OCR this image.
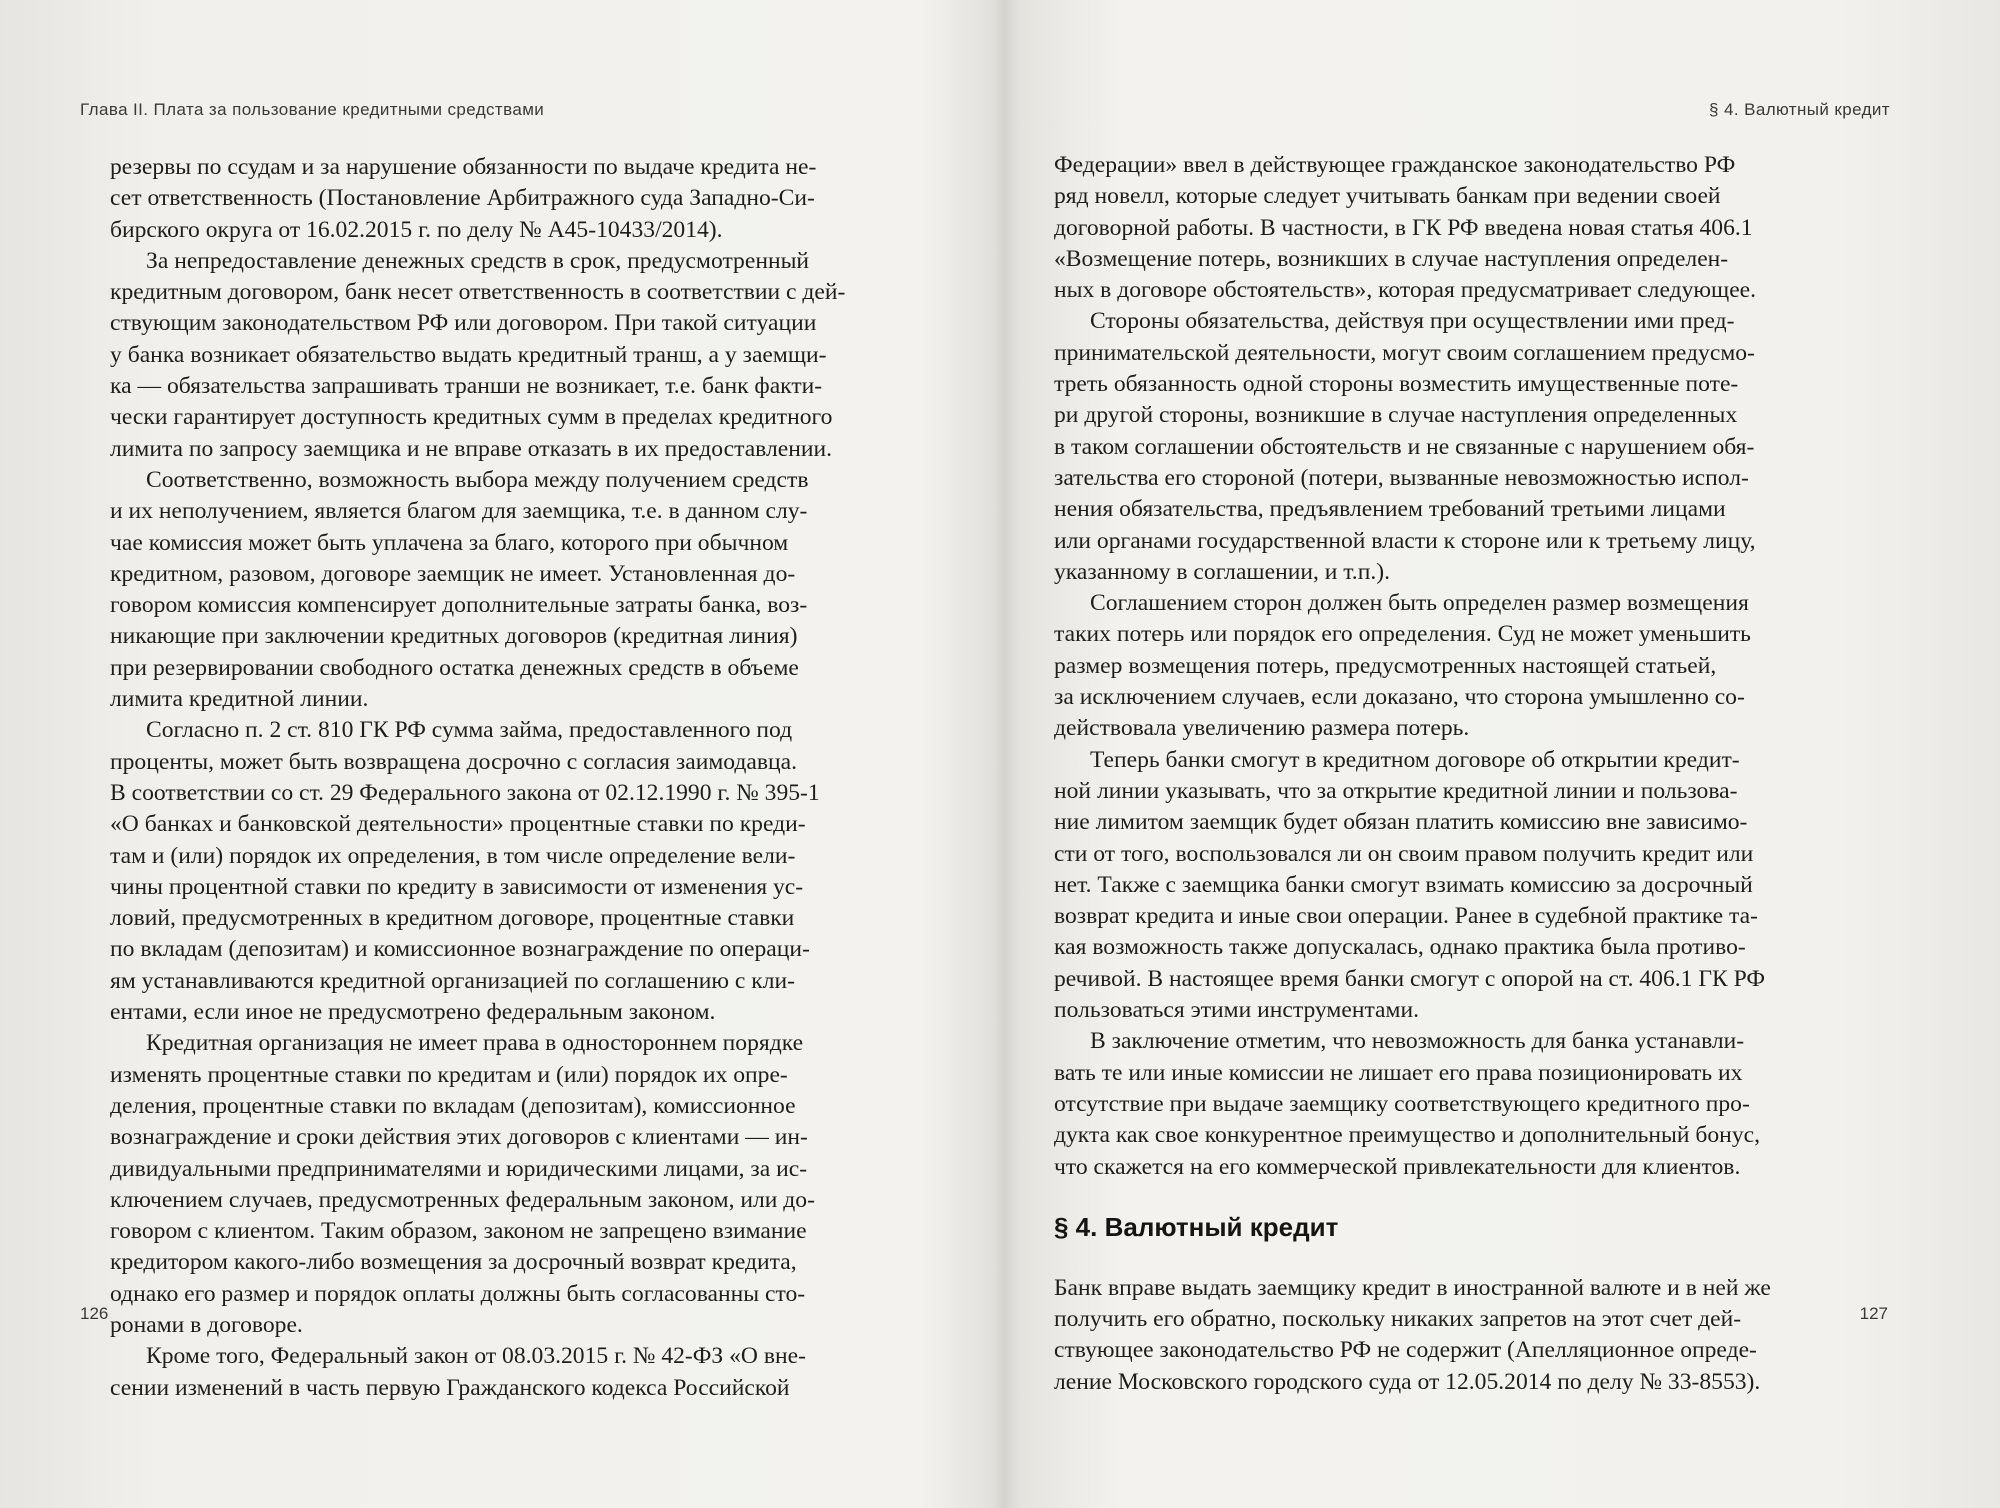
Глава II. Плата за пользование кредитными средствами
резервы по ссудам и за нарушение обязанности по выдаче кредита не-
сет ответственность (Постановление Арбитражного суда Западно-Си-
бирского округа от 16.02.2015 г. по делу № А45-10433/2014).
За непредоставление денежных средств в срок, предусмотренный
кредитным договором, банк несет ответственность в соответствии с дей-
ствующим законодательством РФ или договором. При такой ситуации
у банка возникает обязательство выдать кредитный транш, а у заемщи-
ка — обязательства запрашивать транши не возникает, т.е. банк факти-
чески гарантирует доступность кредитных сумм в пределах кредитного
лимита по запросу заемщика и не вправе отказать в их предоставлении.
Соответственно, возможность выбора между получением средств
и их неполучением, является благом для заемщика, т.е. в данном слу-
чае комиссия может быть уплачена за благо, которого при обычном
кредитном, разовом, договоре заемщик не имеет. Установленная до-
говором комиссия компенсирует дополнительные затраты банка, воз-
никающие при заключении кредитных договоров (кредитная линия)
при резервировании свободного остатка денежных средств в объеме
лимита кредитной линии.
Согласно п. 2 ст. 810 ГК РФ сумма займа, предоставленного под
проценты, может быть возвращена досрочно с согласия заимодавца.
В соответствии со ст. 29 Федерального закона от 02.12.1990 г. № 395-1
«О банках и банковской деятельности» процентные ставки по креди-
там и (или) порядок их определения, в том числе определение вели-
чины процентной ставки по кредиту в зависимости от изменения ус-
ловий, предусмотренных в кредитном договоре, процентные ставки
по вкладам (депозитам) и комиссионное вознаграждение по операци-
ям устанавливаются кредитной организацией по соглашению с кли-
ентами, если иное не предусмотрено федеральным законом.
Кредитная организация не имеет права в одностороннем порядке
изменять процентные ставки по кредитам и (или) порядок их опре-
деления, процентные ставки по вкладам (депозитам), комиссионное
вознаграждение и сроки действия этих договоров с клиентами — ин-
дивидуальными предпринимателями и юридическими лицами, за ис-
ключением случаев, предусмотренных федеральным законом, или до-
говором с клиентом. Таким образом, законом не запрещено взимание
кредитором какого-либо возмещения за досрочный возврат кредита,
однако его размер и порядок оплаты должны быть согласованны сто-
ронами в договоре.
Кроме того, Федеральный закон от 08.03.2015 г. № 42-ФЗ «О вне-
сении изменений в часть первую Гражданского кодекса Российской
126
§ 4. Валютный кредит
Федерации» ввел в действующее гражданское законодательство РФ
ряд новелл, которые следует учитывать банкам при ведении своей
договорной работы. В частности, в ГК РФ введена новая статья 406.1
«Возмещение потерь, возникших в случае наступления определен-
ных в договоре обстоятельств», которая предусматривает следующее.
Стороны обязательства, действуя при осуществлении ими пред-
принимательской деятельности, могут своим соглашением предусмо-
треть обязанность одной стороны возместить имущественные поте-
ри другой стороны, возникшие в случае наступления определенных
в таком соглашении обстоятельств и не связанные с нарушением обя-
зательства его стороной (потери, вызванные невозможностью испол-
нения обязательства, предъявлением требований третьими лицами
или органами государственной власти к стороне или к третьему лицу,
указанному в соглашении, и т.п.).
Соглашением сторон должен быть определен размер возмещения
таких потерь или порядок его определения. Суд не может уменьшить
размер возмещения потерь, предусмотренных настоящей статьей,
за исключением случаев, если доказано, что сторона умышленно со-
действовала увеличению размера потерь.
Теперь банки смогут в кредитном договоре об открытии кредит-
ной линии указывать, что за открытие кредитной линии и пользова-
ние лимитом заемщик будет обязан платить комиссию вне зависимо-
сти от того, воспользовался ли он своим правом получить кредит или
нет. Также с заемщика банки смогут взимать комиссию за досрочный
возврат кредита и иные свои операции. Ранее в судебной практике та-
кая возможность также допускалась, однако практика была противо-
речивой. В настоящее время банки смогут с опорой на ст. 406.1 ГК РФ
пользоваться этими инструментами.
В заключение отметим, что невозможность для банка устанавли-
вать те или иные комиссии не лишает его права позиционировать их
отсутствие при выдаче заемщику соответствующего кредитного про-
дукта как свое конкурентное преимущество и дополнительный бонус,
что скажется на его коммерческой привлекательности для клиентов.
§ 4. Валютный кредит
Банк вправе выдать заемщику кредит в иностранной валюте и в ней же
получить его обратно, поскольку никаких запретов на этот счет дей-
ствующее законодательство РФ не содержит (Апелляционное опреде-
ление Московского городского суда от 12.05.2014 по делу № 33-8553).
127
